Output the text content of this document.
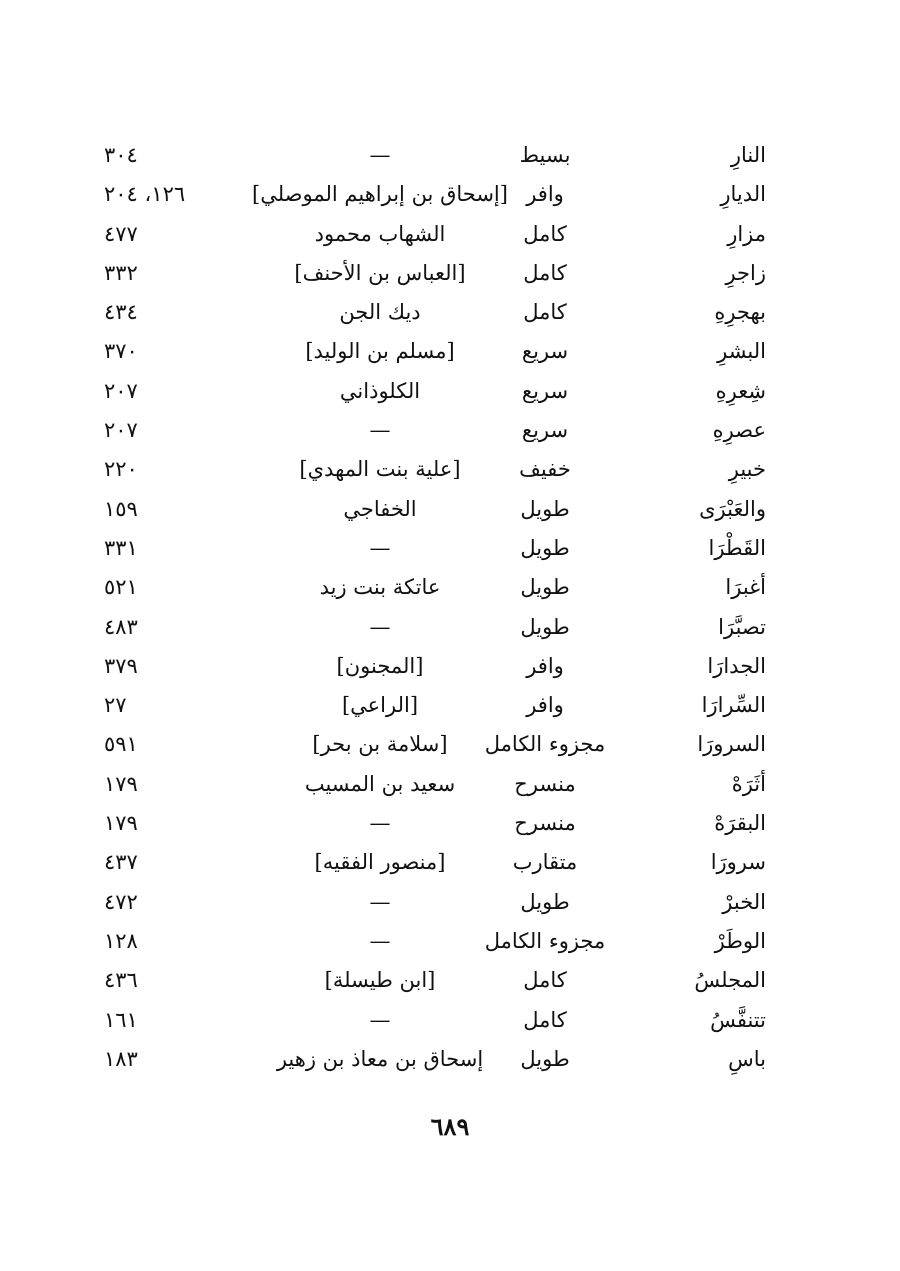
النارِ
بسيط
—
٣٠٤
الديارِ
وافر
[إسحاق بن إبراهيم الموصلي]
١٢٦، ٢٠٤
مزارِ
كامل
الشهاب محمود
٤٧٧
زاجرِ
كامل
[العباس بن الأحنف]
٣٣٢
بهجرِهِ
كامل
ديك الجن
٤٣٤
البشرِ
سريع
[مسلم بن الوليد]
٣٧٠
شِعرِهِ
سريع
الكلوذاني
٢٠٧
عصرِهِ
سريع
—
٢٠٧
خبيرِ
خفيف
[علية بنت المهدي]
٢٢٠
والعَبْرَى
طويل
الخفاجي
١٥٩
القَطْرَا
طويل
—
٣٣١
أغبرَا
طويل
عاتكة بنت زيد
٥٢١
تصبَّرَا
طويل
—
٤٨٣
الجدارَا
وافر
[المجنون]
٣٧٩
السِّرارَا
وافر
[الراعي]
٢٧
السرورَا
مجزوء الكامل
[سلامة بن بحر]
٥٩١
أثَرَهْ
منسرح
سعيد بن المسيب
١٧٩
البقرَهْ
منسرح
—
١٧٩
سرورَا
متقارب
[منصور الفقيه]
٤٣٧
الخبرْ
طويل
—
٤٧٢
الوطَرْ
مجزوء الكامل
—
١٢٨
المجلسُ
كامل
[ابن طيسلة]
٤٣٦
تتنفَّسُ
كامل
—
١٦١
باسِ
طويل
إسحاق بن معاذ بن زهير
١٨٣
٦٨٩
